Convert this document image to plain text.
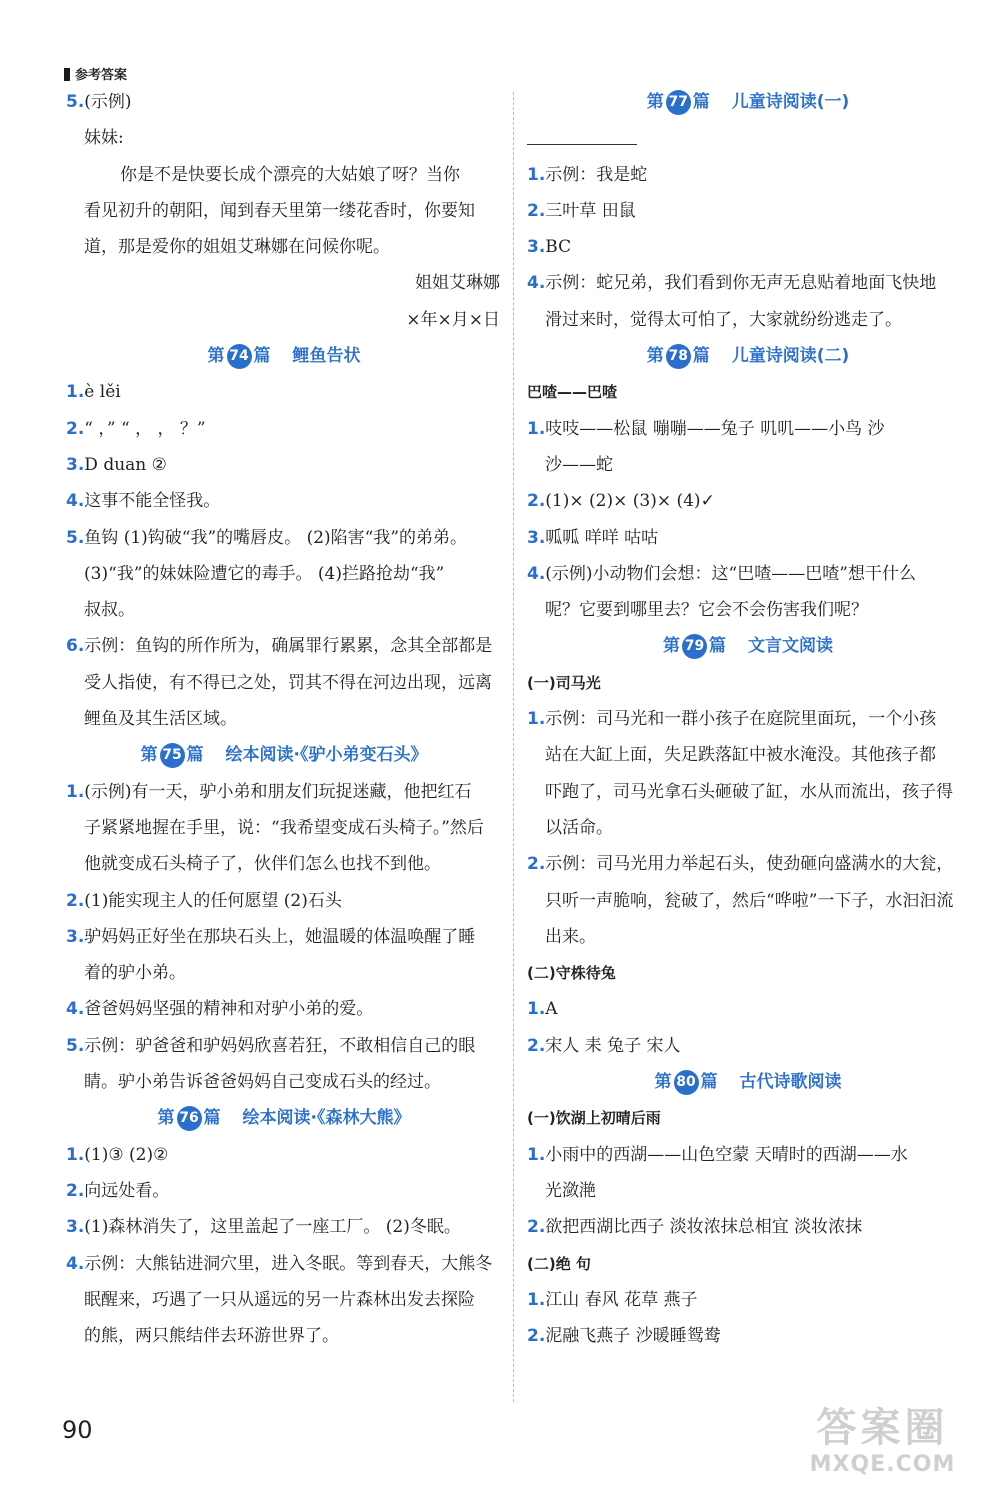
参考答案
5.(示例)
妹妹:
你是不是快要长成个漂亮的大姑娘了呀？当你
看见初升的朝阳，闻到春天里第一缕花香时，你要知
道，那是爱你的姐姐艾琳娜在问候你呢。
姐姐艾琳娜
×年×月×日
第 74 篇 鲤鱼告状
1.è lěi
2.“ ，” “ ， ， ？”
3.D duan ②
4.这事不能全怪我。
5.鱼钩 (1)钩破“我”的嘴唇皮。 (2)陷害“我”的弟弟。
(3)“我”的妹妹险遭它的毒手。 (4)拦路抢劫“我”
叔叔。
6.示例：鱼钩的所作所为，确属罪行累累，念其全部都是
受人指使，有不得已之处，罚其不得在河边出现，远离
鲤鱼及其生活区域。
第 75 篇 绘本阅读·《驴小弟变石头》
1.(示例)有一天，驴小弟和朋友们玩捉迷藏，他把红石
子紧紧地握在手里，说：“我希望变成石头椅子。”然后
他就变成石头椅子了，伙伴们怎么也找不到他。
2.(1)能实现主人的任何愿望 (2)石头
3.驴妈妈正好坐在那块石头上，她温暖的体温唤醒了睡
着的驴小弟。
4.爸爸妈妈坚强的精神和对驴小弟的爱。
5.示例：驴爸爸和驴妈妈欣喜若狂，不敢相信自己的眼
睛。驴小弟告诉爸爸妈妈自己变成石头的经过。
第 76 篇 绘本阅读·《森林大熊》
1.(1)③ (2)②
2.向远处看。
3.(1)森林消失了，这里盖起了一座工厂。 (2)冬眠。
4.示例：大熊钻进洞穴里，进入冬眠。等到春天，大熊冬
眠醒来，巧遇了一只从遥远的另一片森林出发去探险
的熊，两只熊结伴去环游世界了。
第 77 篇 儿童诗阅读(一)
1.示例：我是蛇
2.三叶草 田鼠
3.BC
4.示例：蛇兄弟，我们看到你无声无息贴着地面飞快地
滑过来时，觉得太可怕了，大家就纷纷逃走了。
第 78 篇 儿童诗阅读(二)
巴喳——巴喳
1.吱吱——松鼠 嘣嘣——兔子 叽叽——小鸟 沙
沙——蛇
2.(1)× (2)× (3)× (4)✓
3.呱呱 咩咩 咕咕
4.(示例)小动物们会想：这“巴喳——巴喳”想干什么
呢？它要到哪里去？它会不会伤害我们呢？
第 79 篇 文言文阅读
(一)司马光
1.示例：司马光和一群小孩子在庭院里面玩，一个小孩
站在大缸上面，失足跌落缸中被水淹没。其他孩子都
吓跑了，司马光拿石头砸破了缸，水从而流出，孩子得
以活命。
2.示例：司马光用力举起石头，使劲砸向盛满水的大瓮，
只听一声脆响，瓮破了，然后“哗啦”一下子，水汩汩流
出来。
(二)守株待兔
1.A
2.宋人 耒 兔子 宋人
第 80 篇 古代诗歌阅读
(一)饮湖上初晴后雨
1.小雨中的西湖——山色空蒙 天晴时的西湖——水
光潋滟
2.欲把西湖比西子 淡妆浓抹总相宜 淡妆浓抹
(二)绝 句
1.江山 春风 花草 燕子
2.泥融飞燕子 沙暖睡鸳鸯
90	答案圈
MXQE.COM
